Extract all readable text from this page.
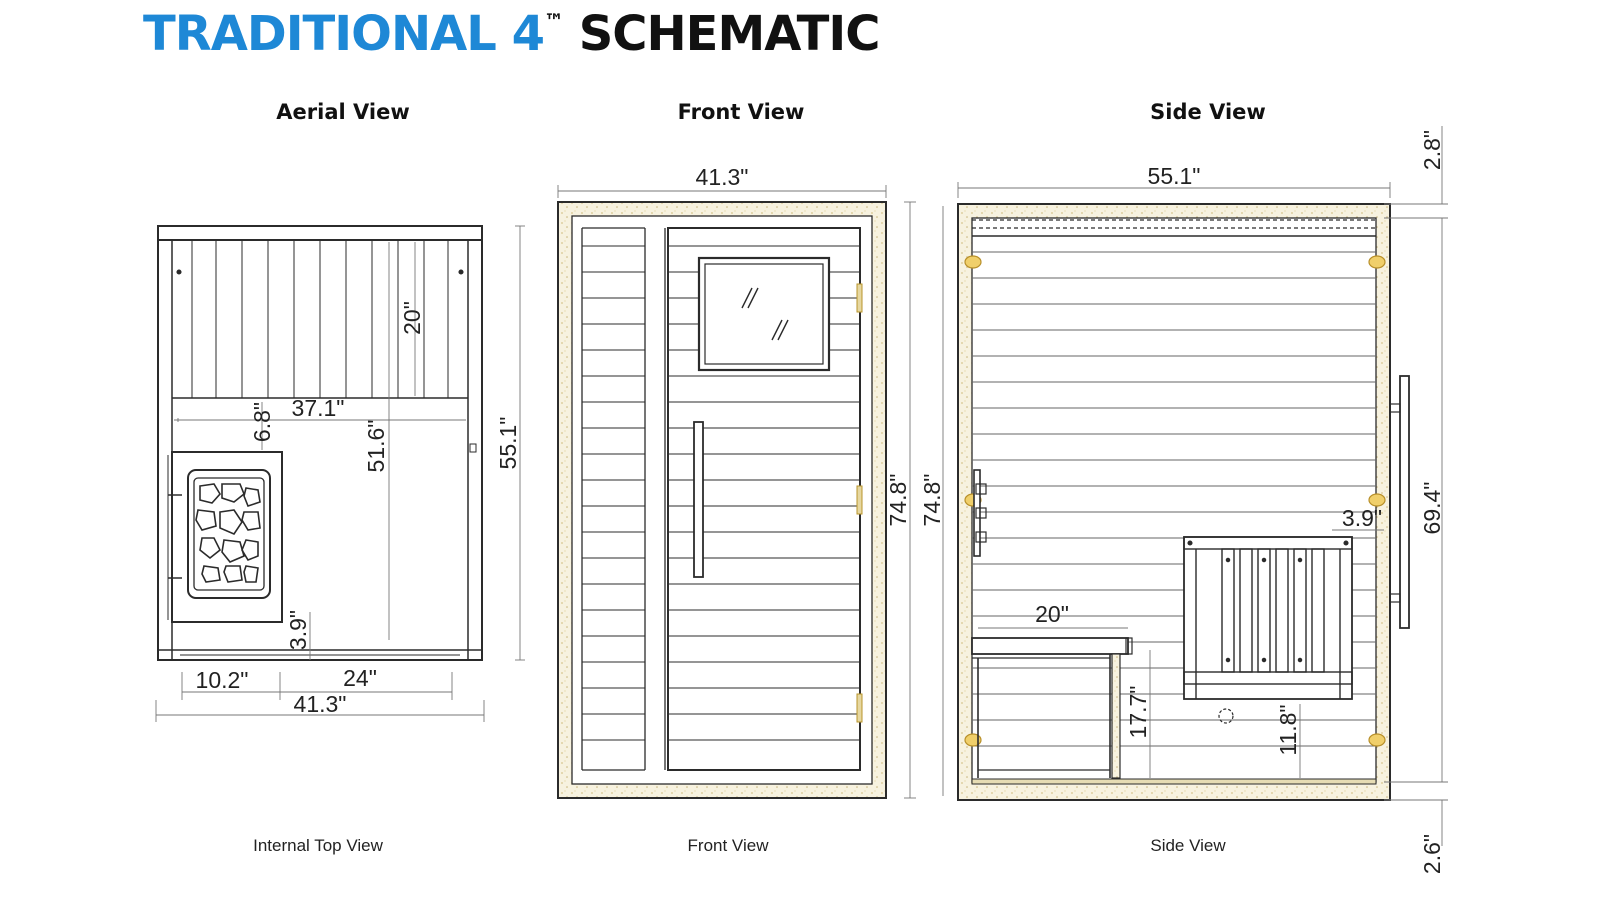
TRADITIONAL 4™ SCHEMATIC
Aerial View	Front View	Side View
20"
37.1"
6.8"	51.6"	55.1"
3.9"
10.2"	24"
41.3"
41.3"
74.8"
55.1"
74.8"
2.8"
69.4"
3.9"
20"
17.7"	11.8"
2.6"
Internal Top View	Front View	Side View
